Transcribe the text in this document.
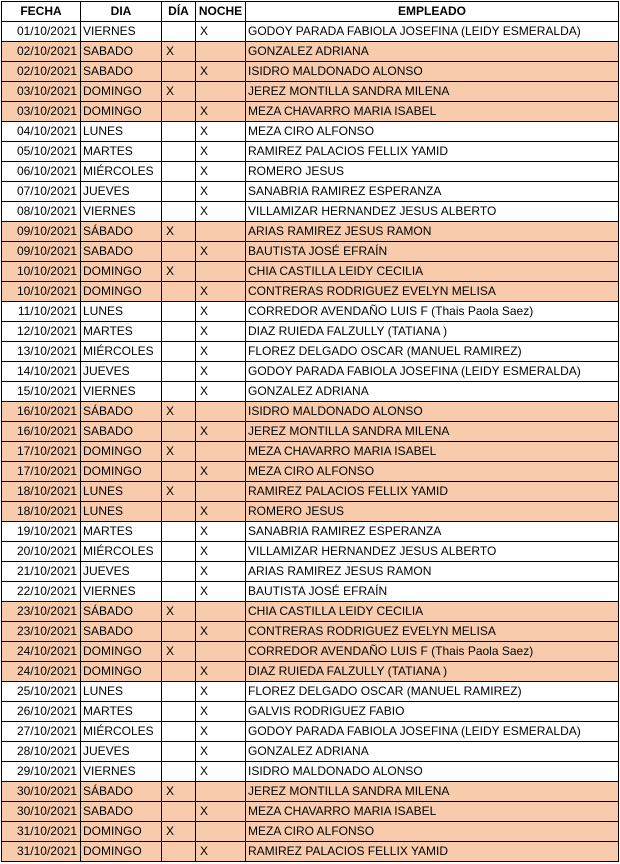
FECHA	DIA	DÍA	NOCHE	EMPLEADO
01/10/2021	VIERNES		X	GODOY PARADA FABIOLA JOSEFINA (LEIDY ESMERALDA)
02/10/2021	SABADO	X		GONZALEZ ADRIANA
02/10/2021	SABADO		X	ISIDRO MALDONADO ALONSO
03/10/2021	DOMINGO	X		JEREZ MONTILLA SANDRA MILENA
03/10/2021	DOMINGO		X	MEZA CHAVARRO MARIA ISABEL
04/10/2021	LUNES		X	MEZA CIRO ALFONSO
05/10/2021	MARTES		X	RAMIREZ PALACIOS FELLIX YAMID
06/10/2021	MIÉRCOLES		X	ROMERO JESUS
07/10/2021	JUEVES		X	SANABRIA RAMIREZ ESPERANZA
08/10/2021	VIERNES		X	VILLAMIZAR HERNANDEZ JESUS ALBERTO
09/10/2021	SÁBADO	X		ARIAS RAMIREZ JESUS RAMON
09/10/2021	SABADO		X	BAUTISTA JOSÉ EFRAÍN
10/10/2021	DOMINGO	X		CHIA CASTILLA LEIDY CECILIA
10/10/2021	DOMINGO		X	CONTRERAS RODRIGUEZ EVELYN MELISA
11/10/2021	LUNES		X	CORREDOR AVENDAÑO LUIS F (Thais Paola Saez)
12/10/2021	MARTES		X	DIAZ RUIEDA FALZULLY (TATIANA )
13/10/2021	MIÉRCOLES		X	FLOREZ DELGADO OSCAR (MANUEL RAMIREZ)
14/10/2021	JUEVES		X	GODOY PARADA FABIOLA JOSEFINA (LEIDY ESMERALDA)
15/10/2021	VIERNES		X	GONZALEZ ADRIANA
16/10/2021	SÁBADO	X		ISIDRO MALDONADO ALONSO
16/10/2021	SABADO		X	JEREZ MONTILLA SANDRA MILENA
17/10/2021	DOMINGO	X		MEZA CHAVARRO MARIA ISABEL
17/10/2021	DOMINGO		X	MEZA CIRO ALFONSO
18/10/2021	LUNES	X		RAMIREZ PALACIOS FELLIX YAMID
18/10/2021	LUNES		X	ROMERO JESUS
19/10/2021	MARTES		X	SANABRIA RAMIREZ ESPERANZA
20/10/2021	MIÉRCOLES		X	VILLAMIZAR HERNANDEZ JESUS ALBERTO
21/10/2021	JUEVES		X	ARIAS RAMIREZ JESUS RAMON
22/10/2021	VIERNES		X	BAUTISTA JOSÉ EFRAÍN
23/10/2021	SÁBADO	X		CHIA CASTILLA LEIDY CECILIA
23/10/2021	SABADO		X	CONTRERAS RODRIGUEZ EVELYN MELISA
24/10/2021	DOMINGO	X		CORREDOR AVENDAÑO LUIS F (Thais Paola Saez)
24/10/2021	DOMINGO		X	DIAZ RUIEDA FALZULLY (TATIANA )
25/10/2021	LUNES		X	FLOREZ DELGADO OSCAR (MANUEL RAMIREZ)
26/10/2021	MARTES		X	GALVIS RODRIGUEZ FABIO
27/10/2021	MIÉRCOLES		X	GODOY PARADA FABIOLA JOSEFINA (LEIDY ESMERALDA)
28/10/2021	JUEVES		X	GONZALEZ ADRIANA
29/10/2021	VIERNES		X	ISIDRO MALDONADO ALONSO
30/10/2021	SÁBADO	X		JEREZ MONTILLA SANDRA MILENA
30/10/2021	SABADO		X	MEZA CHAVARRO MARIA ISABEL
31/10/2021	DOMINGO	X		MEZA CIRO ALFONSO
31/10/2021	DOMINGO		X	RAMIREZ PALACIOS FELLIX YAMID
